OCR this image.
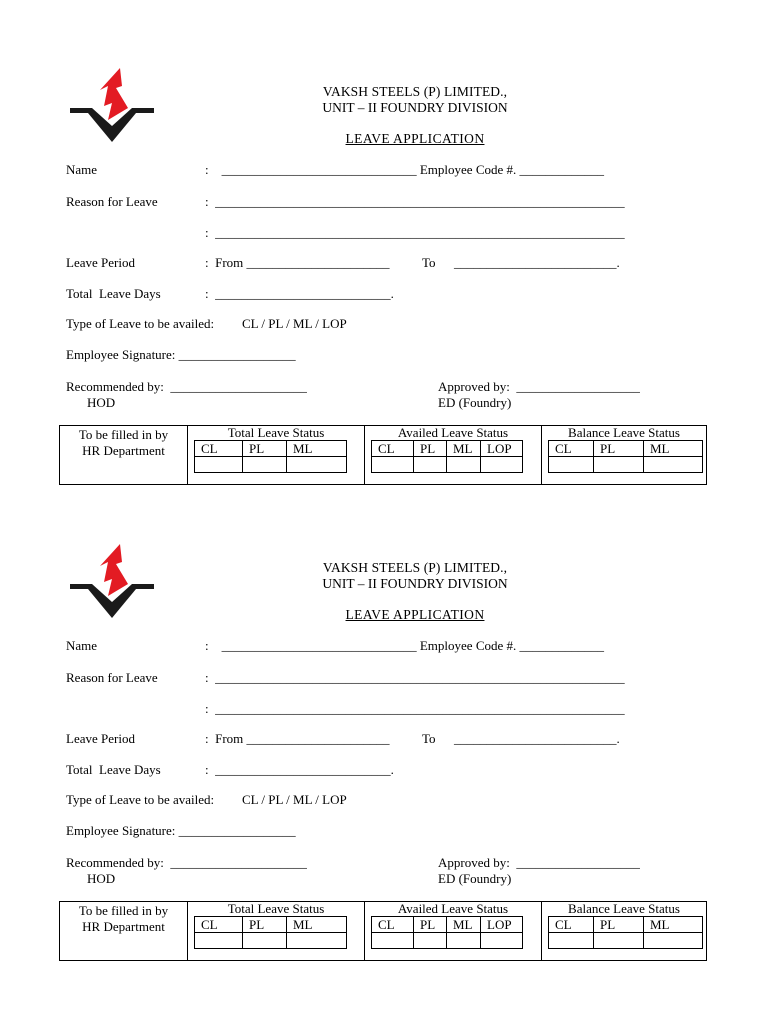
VAKSH STEELS (P) LIMITED.,
UNIT – II FOUNDRY DIVISION
LEAVE APPLICATION
Name	:    ______________________________ Employee Code #. _____________
Reason for Leave	:  _______________________________________________________________
:  _______________________________________________________________
Leave Period	:  From ______________________ To _________________________.
Total  Leave Days	:  ___________________________.
Type of Leave to be availed: CL / PL / ML / LOP
Employee Signature: __________________
Recommended by:  _____________________
HOD
Approved by:  ___________________
ED (Foundry)
To be filled in by
HR Department

Total Leave Status
CL	PL	ML

Availed Leave Status
CL	PL	ML	LOP

Balance Leave Status
CL	PL	ML

VAKSH STEELS (P) LIMITED.,
UNIT – II FOUNDRY DIVISION
LEAVE APPLICATION
Name	:    ______________________________ Employee Code #. _____________
Reason for Leave	:  _______________________________________________________________
:  _______________________________________________________________
Leave Period	:  From ______________________ To _________________________.
Total  Leave Days	:  ___________________________.
Type of Leave to be availed: CL / PL / ML / LOP
Employee Signature: __________________
Recommended by:  _____________________
HOD
Approved by:  ___________________
ED (Foundry)
To be filled in by
HR Department

Total Leave Status
CL	PL	ML

Availed Leave Status
CL	PL	ML	LOP

Balance Leave Status
CL	PL	ML
